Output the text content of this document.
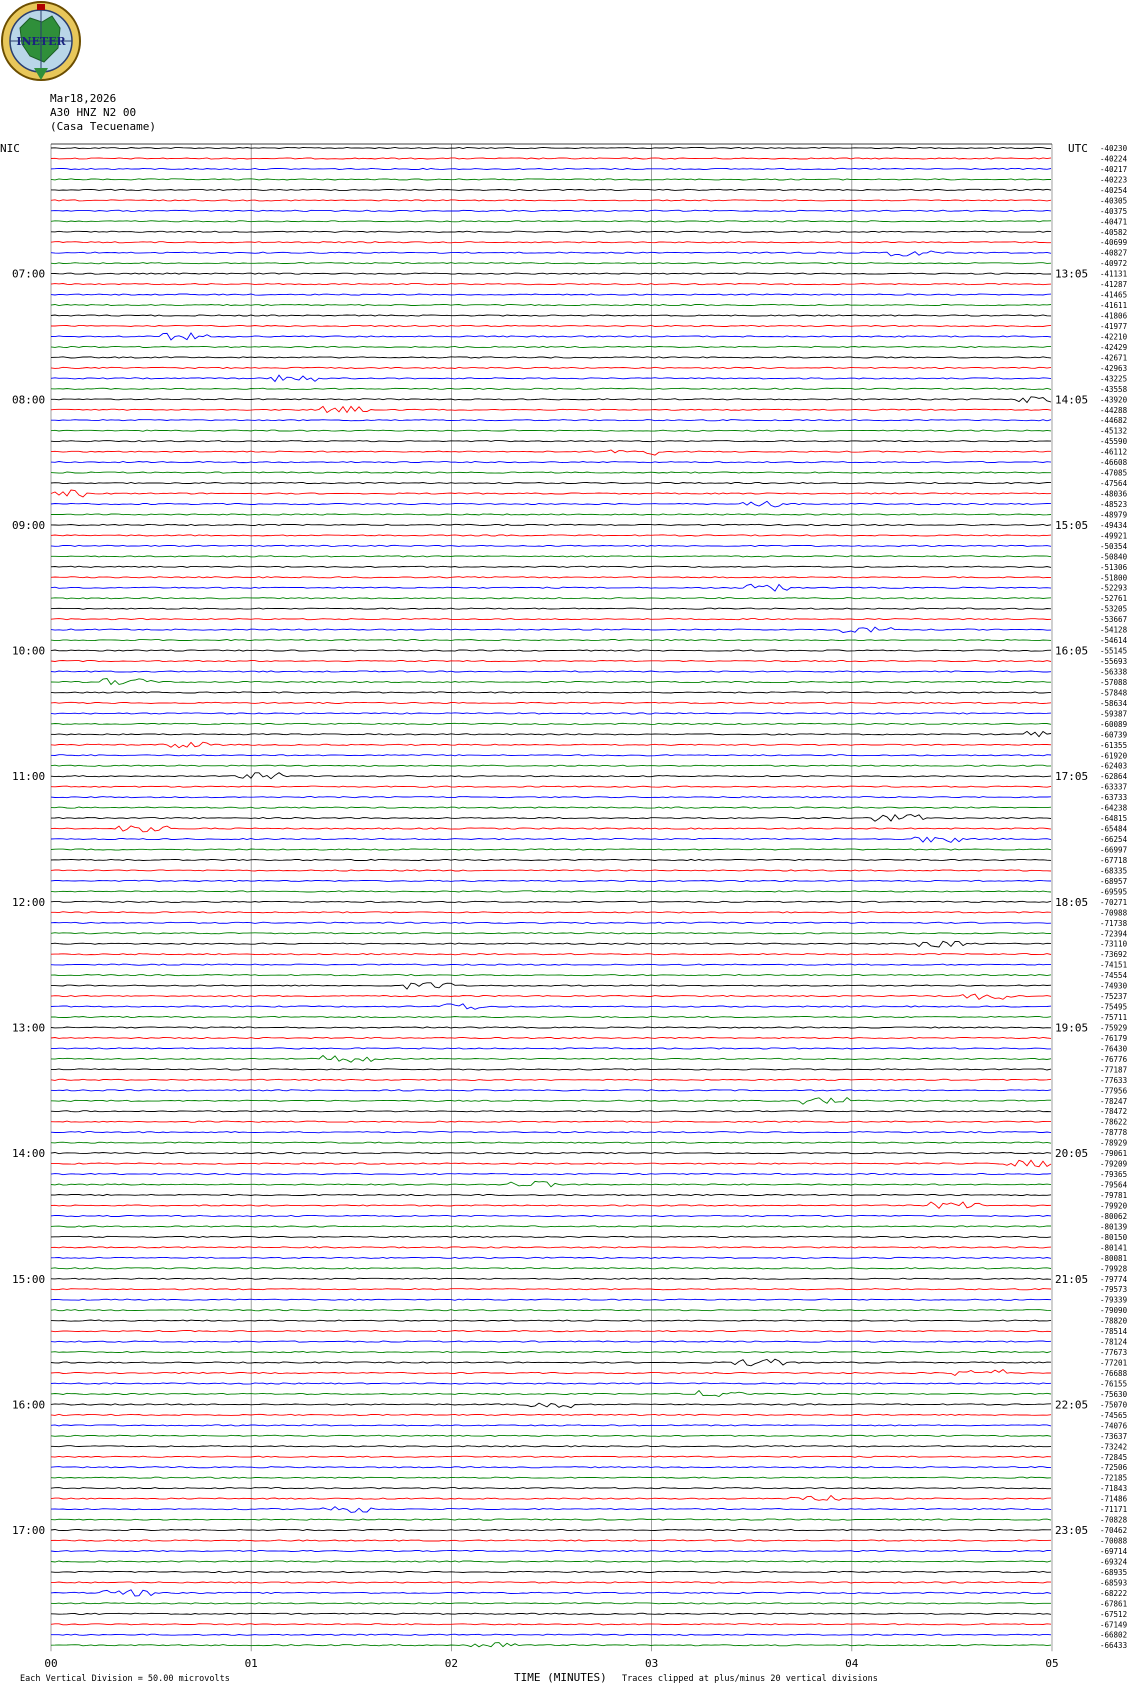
INETER
Mar18,2026
A30 HNZ N2 00
(Casa Tecuename)
00	01	02	03	04	05
-40230
-40224
-40217
-40223
-40254
-40305
-40375
-40471
-40582
-40699
-40827
-40972
-41131
-41287
-41465
-41611
-41806
-41977
-42210
-42429
-42671
-42963
-43225
-43558
-43920
-44288
-44682
-45132
-45590
-46112
-46608
-47085
-47564
-48036
-48523
-48979
-49434
-49921
-50354
-50840
-51306
-51800
-52293
-52761
-53205
-53667
-54128
-54614
-55145
-55693
-56338
-57088
-57848
-58634
-59387
-60089
-60739
-61355
-61920
-62403
-62864
-63337
-63733
-64238
-64815
-65484
-66254
-66997
-67718
-68335
-68957
-69595
-70271
-70988
-71738
-72394
-73110
-73692
-74151
-74554
-74930
-75237
-75495
-75711
-75929
-76179
-76430
-76776
-77187
-77633
-77956
-78247
-78472
-78622
-78778
-78929
-79061
-79209
-79365
-79564
-79781
-79920
-80062
-80139
-80150
-80141
-80081
-79928
-79774
-79573
-79339
-79090
-78820
-78514
-78124
-77673
-77201
-76688
-76155
-75630
-75070
-74565
-74076
-73637
-73242
-72845
-72506
-72185
-71843
-71486
-71171
-70828
-70462
-70088
-69714
-69324
-68935
-68593
-68222
-67861
-67512
-67149
-66802
-66433
NIC	UTC
07:00	13:05
08:00	14:05
09:00	15:05
10:00	16:05
11:00	17:05
12:00	18:05
13:00	19:05
14:00	20:05
15:00	21:05
16:00	22:05
17:00	23:05
Each Vertical Division = 50.00 microvolts	TIME (MINUTES) Traces clipped at plus/minus 20 vertical divisions
